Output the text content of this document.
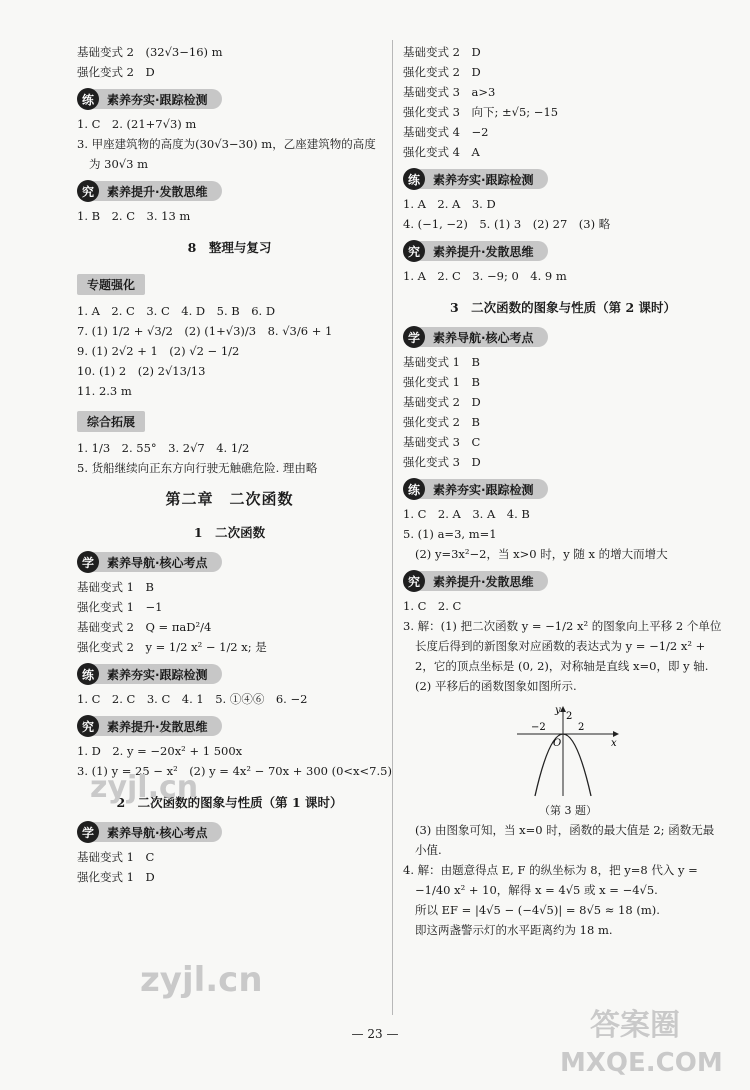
基础变式 2　(32√3−16) m
强化变式 2　D
练	素养夯实·跟踪检测
1. C　2. (21+7√3) m
3. 甲座建筑物的高度为(30√3−30) m，乙座建筑物的高度
为 30√3 m
究	素养提升·发散思维
1. B　2. C　3. 13 m
8　整理与复习
专题强化
1. A　2. C　3. C　4. D　5. B　6. D
7. (1) 1/2 + √3/2　(2) (1+√3)/3　8. √3/6 + 1
9. (1) 2√2 + 1　(2) √2 − 1/2
10. (1) 2　(2) 2√13/13
11. 2.3 m
综合拓展
1. 1/3　2. 55°　3. 2√7　4. 1/2
5. 货船继续向正东方向行驶无触礁危险. 理由略
第二章　二次函数
1　二次函数
学	素养导航·核心考点
基础变式 1　B
强化变式 1　−1
基础变式 2　Q = πaD²/4
强化变式 2　y = 1/2 x² − 1/2 x; 是
练	素养夯实·跟踪检测
1. C　2. C　3. C　4. 1　5. ①④⑥　6. −2
究	素养提升·发散思维
1. D　2. y = −20x² + 1 500x
3. (1) y = 25 − x²　(2) y = 4x² − 70x + 300 (0<x<7.5)
2　二次函数的图象与性质（第 1 课时）
学	素养导航·核心考点
基础变式 1　C
强化变式 1　D
基础变式 2　D
强化变式 2　D
基础变式 3　a>3
强化变式 3　向下; ±√5; −15
基础变式 4　−2
强化变式 4　A
练	素养夯实·跟踪检测
1. A　2. A　3. D
4. (−1, −2)　5. (1) 3　(2) 27　(3) 略
究	素养提升·发散思维
1. A　2. C　3. −9; 0　4. 9 m
3　二次函数的图象与性质（第 2 课时）
学	素养导航·核心考点
基础变式 1　B
强化变式 1　B
基础变式 2　D
强化变式 2　B
基础变式 3　C
强化变式 3　D
练	素养夯实·跟踪检测
1. C　2. A　3. A　4. B
5. (1) a=3, m=1
(2) y=3x²−2，当 x>0 时，y 随 x 的增大而增大
究	素养提升·发散思维
1. C　2. C
3. 解：(1) 把二次函数 y = −1/2 x² 的图象向上平移 2 个单位
长度后得到的新图象对应函数的表达式为 y = −1/2 x² +
2，它的顶点坐标是 (0, 2)，对称轴是直线 x=0，即 y 轴.
(2) 平移后的函数图象如图所示.
y
2
−2	2
O	x
（第 3 题）
(3) 由图象可知，当 x=0 时，函数的最大值是 2; 函数无最
小值.
4. 解：由题意得点 E, F 的纵坐标为 8，把 y=8 代入 y =
−1/40 x² + 10，解得 x = 4√5 或 x = −4√5.
所以 EF = |4√5 − (−4√5)| = 8√5 ≈ 18 (m).
即这两盏警示灯的水平距离约为 18 m.
— 23 —
zyjl.cn
zyjl.cn
答案圈
MXQE.COM
